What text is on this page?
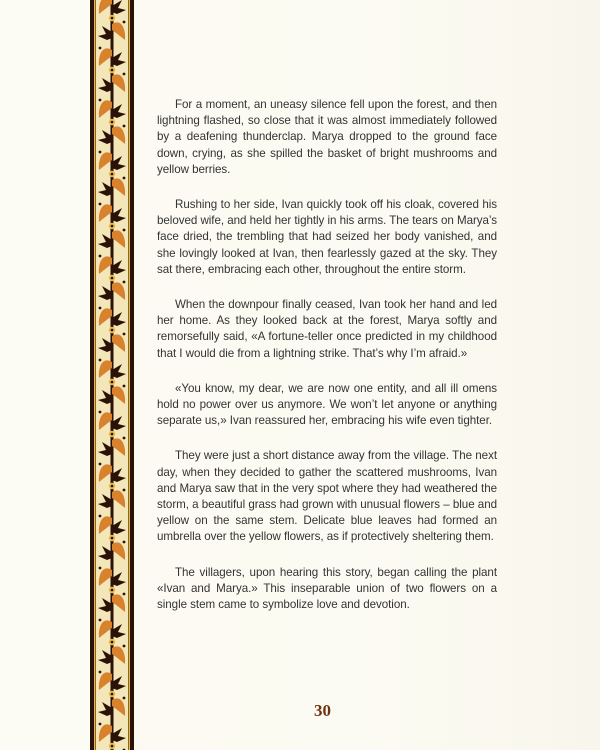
For a moment, an uneasy silence fell upon the forest, and then lightning flashed, so close that it was almost immediately followed by a deafening thunderclap. Marya dropped to the ground face down, crying, as she spilled the basket of bright mushrooms and yellow berries.

Rushing to her side, Ivan quickly took off his cloak, covered his beloved wife, and held her tightly in his arms. The tears on Marya’s face dried, the trembling that had seized her body vanished, and she lovingly looked at Ivan, then fearlessly gazed at the sky. They sat there, embracing each other, throughout the entire storm.

When the downpour finally ceased, Ivan took her hand and led her home. As they looked back at the forest, Marya softly and remorsefully said, «A fortune-teller once predicted in my childhood that I would die from a lightning strike. That’s why I’m afraid.»

«You know, my dear, we are now one entity, and all ill omens hold no power over us anymore. We won’t let anyone or anything separate us,» Ivan reassured her, embracing his wife even tighter.

They were just a short distance away from the village. The next day, when they decided to gather the scattered mushrooms, Ivan and Marya saw that in the very spot where they had weathered the storm, a beautiful grass had grown with unusual flowers – blue and yellow on the same stem. Delicate blue leaves had formed an umbrella over the yellow flowers, as if protectively sheltering them.

The villagers, upon hearing this story, began calling the plant «Ivan and Marya.» This inseparable union of two flowers on a single stem came to symbolize love and devotion.

30
